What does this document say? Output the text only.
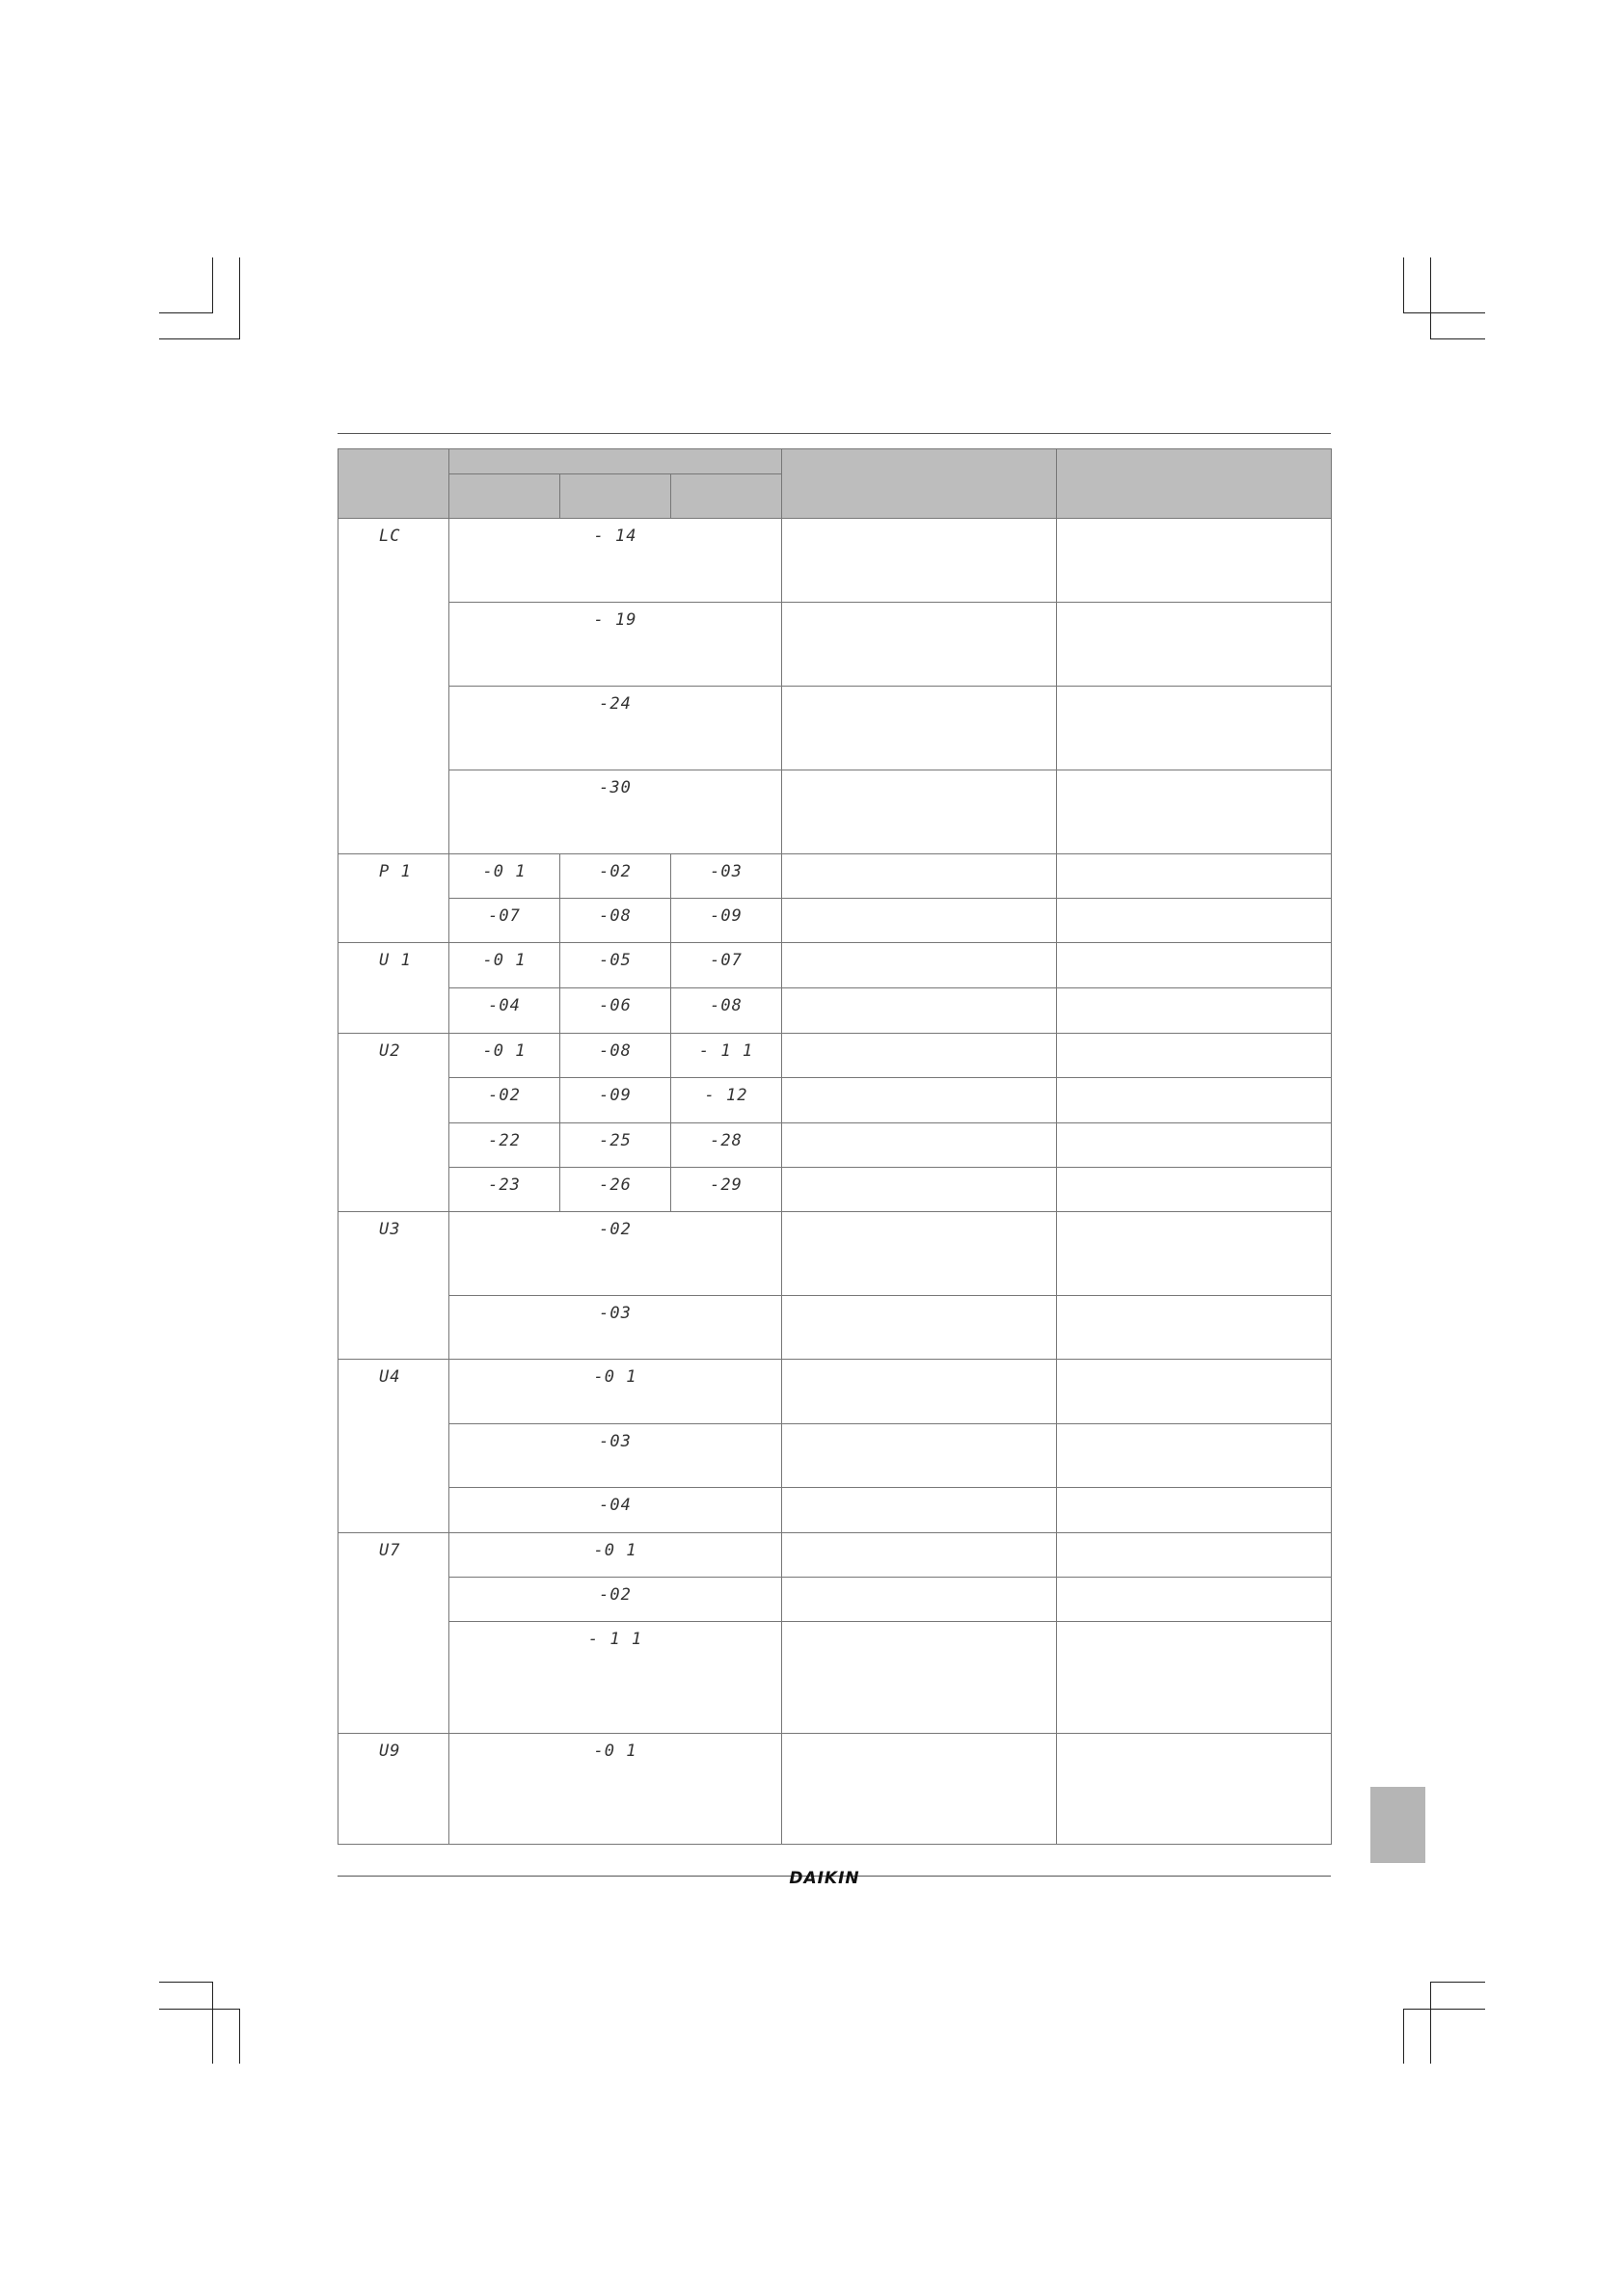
LC	- 14				

	- 19				

	-24				

	-30				

P 1	-0 1	-02	-03		

	-07	-08	-09		

U 1	-0 1	-05	-07		

	-04	-06	-08		

U2	-0 1	-08	- 1 1		

	-02	-09	- 12		

	-22	-25	-28		

	-23	-26	-29		

U3	-02				

	-03				

U4	-0 1				

	-03				

	-04				

U7	-0 1				

	-02				

	- 1 1				

U9	-0 1				

DAIKIN
